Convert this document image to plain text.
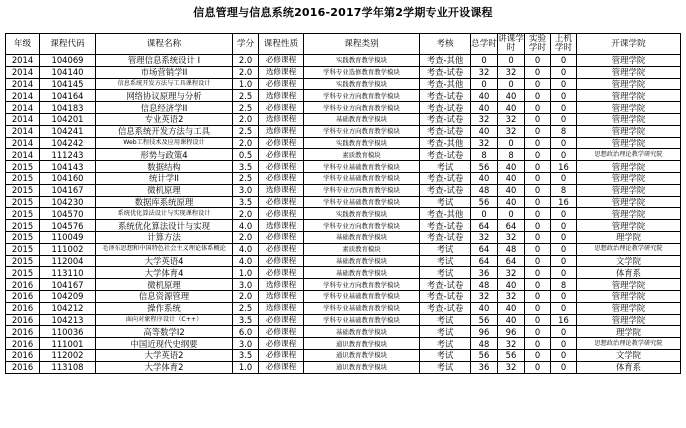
信息管理与信息系统2016-2017学年第2学期专业开设课程
年级	课程代码	课程名称	学分	课程性质	课程类别	考核	总学时	讲课学时	实验学时	上机学时	开课学院
2014	104069	管理信息系统设计 I	2.0	必修课程	实践教育教学模块	考查-其他	0	0	0	0	管理学院
2014	104140	市场营销学II	2.0	选修课程	学科专业选修教育教学模块	考查-试卷	32	32	0	0	管理学院
2014	104145	信息系统开发方法与工具课程设计	1.0	必修课程	实践教育教学模块	考查-其他	0	0	0	0	管理学院
2014	104164	网络协议原理与分析	2.5	选修课程	学科专业方向教育教学模块	考查-试卷	40	40	0	0	管理学院
2014	104183	信息经济学II	2.5	必修课程	学科专业方向教育教学模块	考查-试卷	40	40	0	0	管理学院
2014	104201	专业英语2	2.0	选修课程	基础教育教学模块	考查-试卷	32	32	0	0	管理学院
2014	104241	信息系统开发方法与工具	2.5	选修课程	学科专业方向教育教学模块	考查-试卷	40	32	0	8	管理学院
2014	104242	Web工程技术及应用课程设计	2.0	必修课程	实践教育教学模块	考查-其他	32	0	0	0	管理学院
2014	111243	形势与政策4	0.5	必修课程	素质教育模块	考查-试卷	8	8	0	0	思想政治理论教学研究院
2015	104143	数据结构	3.5	必修课程	学科专业基础教育教学模块	考试	56	40	0	16	管理学院
2015	104160	统计学II	2.5	必修课程	学科专业基础教育教学模块	考查-试卷	40	40	0	0	管理学院
2015	104167	微机原理	3.0	选修课程	学科专业方向教育教学模块	考查-试卷	48	40	0	8	管理学院
2015	104230	数据库系统原理	3.5	必修课程	学科专业基础教育教学模块	考试	56	40	0	16	管理学院
2015	104570	系统优化算法设计与实现课程设计	2.0	必修课程	实践教育教学模块	考查-其他	0	0	0	0	管理学院
2015	104576	系统优化算法设计与实现	4.0	选修课程	学科专业方向教育教学模块	考查-试卷	64	64	0	0	管理学院
2015	110049	计算方法	2.0	必修课程	基础教育教学模块	考查-试卷	32	32	0	0	理学院
2015	111002	毛泽东思想和中国特色社会主义理论体系概论	4.0	必修课程	素质教育模块	考试	64	48	0	0	思想政治理论教学研究院
2015	112004	大学英语4	4.0	必修课程	基础教育教学模块	考试	64	64	0	0	文学院
2015	113110	大学体育4	1.0	必修课程	基础教育教学模块	考试	36	32	0	0	体育系
2016	104167	微机原理	3.0	选修课程	学科专业方向教育教学模块	考查-试卷	48	40	0	8	管理学院
2016	104209	信息资源管理	2.0	选修课程	学科专业基础教育教学模块	考查-试卷	32	32	0	0	管理学院
2016	104212	操作系统	2.5	选修课程	学科专业基础教育教学模块	考查-试卷	40	40	0	0	管理学院
2016	104213	面向对象程序设计（C++）	3.5	必修课程	学科专业基础教育教学模块	考试	56	40	0	16	管理学院
2016	110036	高等数学I2	6.0	必修课程	基础教育教学模块	考试	96	96	0	0	理学院
2016	111001	中国近现代史纲要	3.0	必修课程	通识教育教学模块	考试	48	32	0	0	思想政治理论教学研究院
2016	112002	大学英语2	3.5	必修课程	通识教育教学模块	考试	56	56	0	0	文学院
2016	113108	大学体育2	1.0	必修课程	通识教育教学模块	考试	36	32	0	0	体育系
